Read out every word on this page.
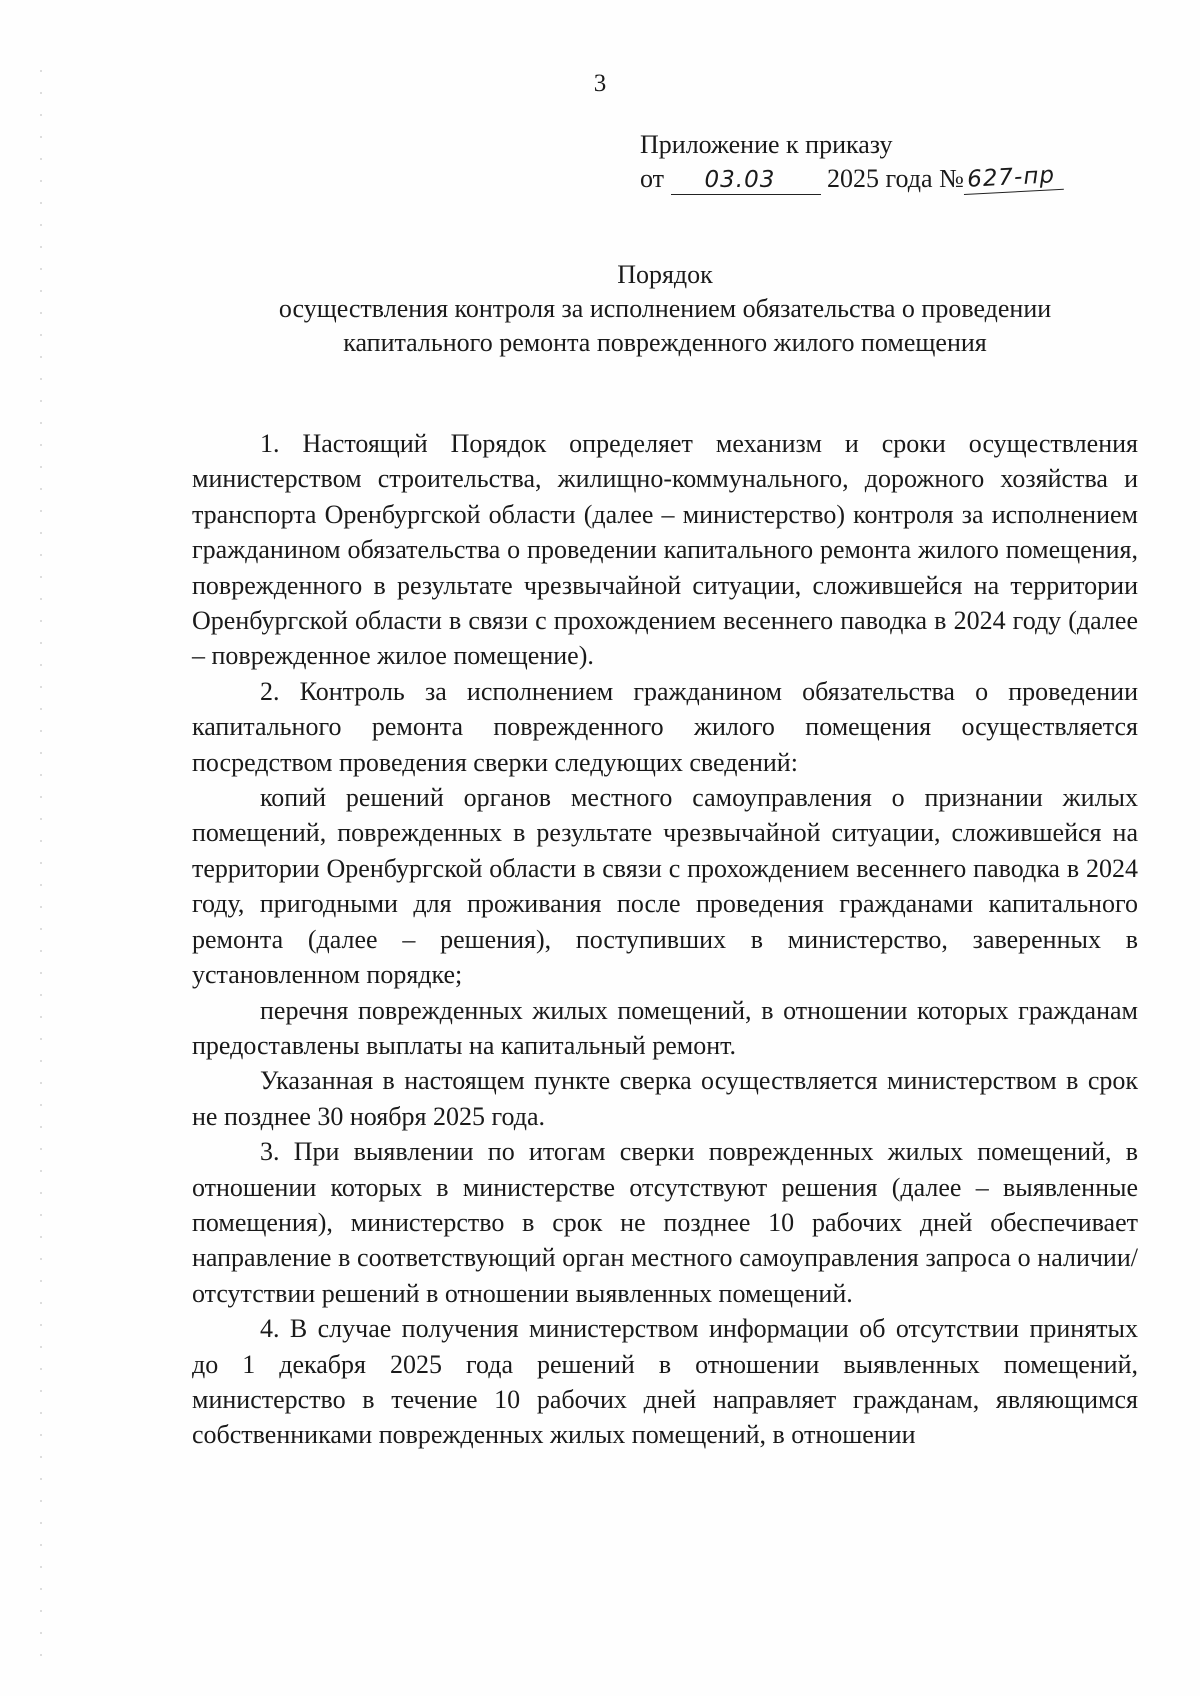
3
Приложение к приказу
от 03.03 2025 года № 627-пр
Порядок
осуществления контроля за исполнением обязательства о проведении
капитального ремонта поврежденного жилого помещения

1. Настоящий Порядок определяет механизм и сроки осуществления министерством строительства, жилищно-коммунального, дорожного хозяйства и транспорта Оренбургской области (далее – министерство) контроля за исполнением гражданином обязательства о проведении капитального ремонта жилого помещения, поврежденного в результате чрезвычайной ситуации, сложившейся на территории Оренбургской области в связи с прохождением весеннего паводка в 2024 году (далее – поврежденное жилое помещение).

2. Контроль за исполнением гражданином обязательства о проведении капитального ремонта поврежденного жилого помещения осуществляется посредством проведения сверки следующих сведений:

копий решений органов местного самоуправления о признании жилых помещений, поврежденных в результате чрезвычайной ситуации, сложившейся на территории Оренбургской области в связи с прохождением весеннего паводка в 2024 году, пригодными для проживания после проведения гражданами капитального ремонта (далее – решения), поступивших в министерство, заверенных в установленном порядке;

перечня поврежденных жилых помещений, в отношении которых гражданам предоставлены выплаты на капитальный ремонт.

Указанная в настоящем пункте сверка осуществляется министерством в срок не позднее 30 ноября 2025 года.

3. При выявлении по итогам сверки поврежденных жилых помещений, в отношении которых в министерстве отсутствуют решения (далее – выявленные помещения), министерство в срок не позднее 10 рабочих дней обеспечивает направление в соответствующий орган местного самоуправления запроса о наличии/отсутствии решений в отношении выявленных помещений.

4. В случае получения министерством информации об отсутствии принятых до 1 декабря 2025 года решений в отношении выявленных помещений, министерство в течение 10 рабочих дней направляет гражданам, являющимся собственниками поврежденных жилых помещений, в отношении
